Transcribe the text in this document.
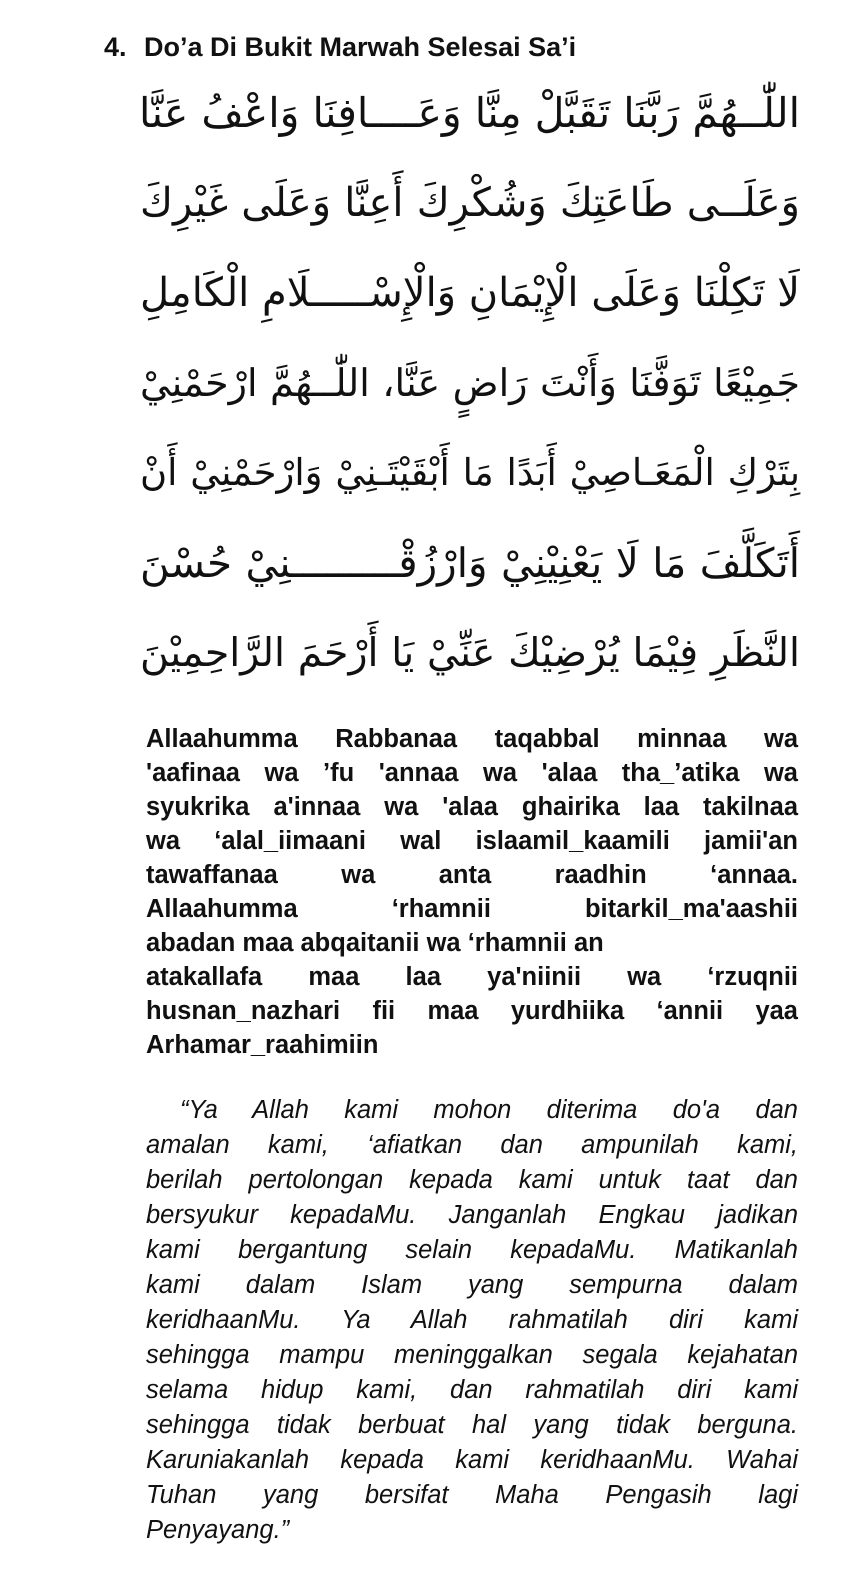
4. Do’a Di Bukit Marwah Selesai Sa’i
اللّٰــهُمَّ رَبَّنَا تَقَبَّلْ مِنَّا وَعَــــافِنَا وَاعْفُ عَنَّا
وَعَلَــى طَاعَتِكَ وَشُكْرِكَ أَعِنَّا وَعَلَى غَيْرِكَ
لَا تَكِلْنَا وَعَلَى الْإِيْمَانِ وَالْإِسْـــــلَامِ الْكَامِلِ
جَمِيْعًا تَوَفَّنَا وَأَنْتَ رَاضٍ عَنَّا، اللّٰــهُمَّ ارْحَمْنِيْ
بِتَرْكِ الْمَعَـاصِيْ أَبَدًا مَا أَبْقَيْتَـنِيْ وَارْحَمْنِيْ أَنْ
أَتَكَلَّفَ مَا لَا يَعْنِيْنِيْ وَارْزُقْـــــــــنِيْ حُسْنَ
النَّظَرِ فِيْمَا يُرْضِيْكَ عَنِّيْ يَا أَرْحَمَ الرَّاحِمِيْنَ
Allaahumma Rabbanaa taqabbal minnaa wa
'aafinaa wa ’fu 'annaa wa 'alaa tha_’atika wa
syukrika a'innaa wa 'alaa ghairika laa takilnaa
wa ‘alal_iimaani wal islaamil_kaamili jamii'an
tawaffanaa wa anta raadhin ‘annaa.
Allaahumma ‘rhamnii bitarkil_ma'aashii
abadan maa abqaitanii wa ‘rhamnii an
atakallafa maa laa ya'niinii wa ‘rzuqnii
husnan_nazhari fii maa yurdhiika ‘annii yaa
Arhamar_raahimiin
“Ya Allah kami mohon diterima do'a dan
amalan kami, ‘afiatkan dan ampunilah kami,
berilah pertolongan kepada kami untuk taat dan
bersyukur kepadaMu. Janganlah Engkau jadikan
kami bergantung selain kepadaMu. Matikanlah
kami dalam Islam yang sempurna dalam
keridhaanMu. Ya Allah rahmatilah diri kami
sehingga mampu meninggalkan segala kejahatan
selama hidup kami, dan rahmatilah diri kami
sehingga tidak berbuat hal yang tidak berguna.
Karuniakanlah kepada kami keridhaanMu. Wahai
Tuhan yang bersifat Maha Pengasih lagi
Penyayang.”
